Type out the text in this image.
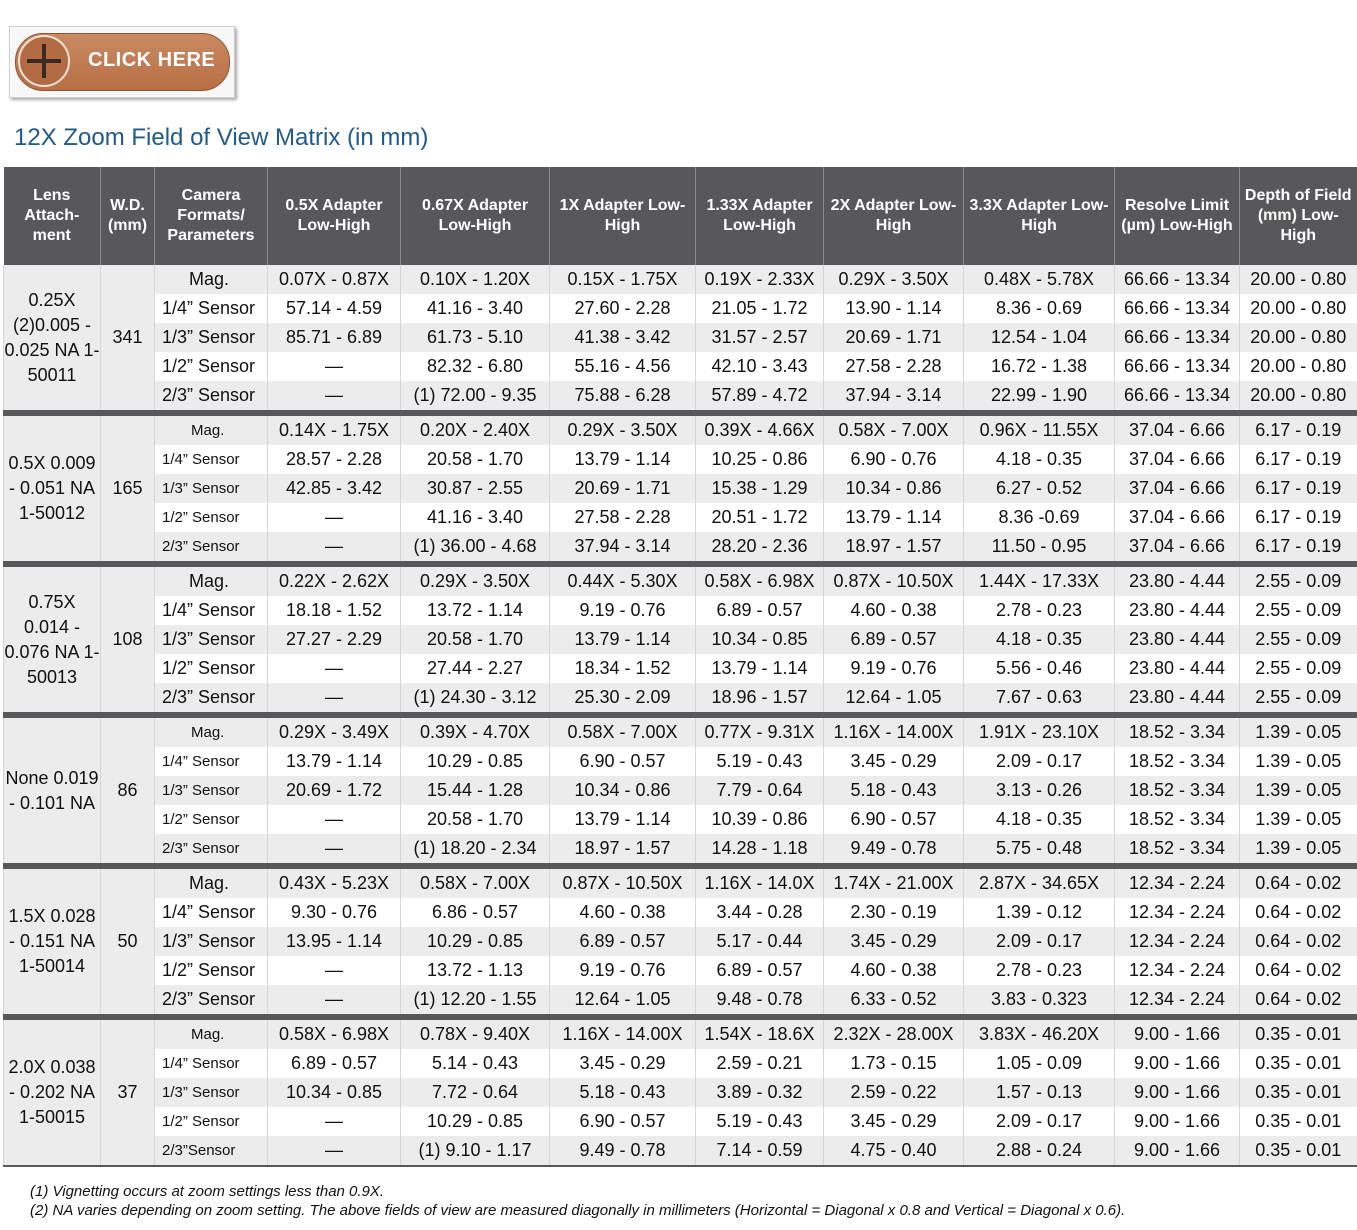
CLICK HERE
12X Zoom Field of View Matrix (in mm)
Lens Attach-ment	W.D. (mm)	Camera Formats/ Parameters	0.5X Adapter Low-High	0.67X Adapter Low-High	1X Adapter Low-High	1.33X Adapter Low-High	2X Adapter Low-High	3.3X Adapter Low-High	Resolve Limit (µm) Low-High	Depth of Field (mm) Low-High
0.25X (2)0.005 - 0.025 NA 1-50011	341	Mag.	0.07X - 0.87X	0.10X - 1.20X	0.15X - 1.75X	0.19X - 2.33X	0.29X - 3.50X	0.48X - 5.78X	66.66 - 13.34	20.00 - 0.80
		1/4” Sensor	57.14 - 4.59	41.16 - 3.40	27.60 - 2.28	21.05 - 1.72	13.90 - 1.14	8.36 - 0.69	66.66 - 13.34	20.00 - 0.80
		1/3” Sensor	85.71 - 6.89	61.73 - 5.10	41.38 - 3.42	31.57 - 2.57	20.69 - 1.71	12.54 - 1.04	66.66 - 13.34	20.00 - 0.80
		1/2” Sensor	—	82.32 - 6.80	55.16 - 4.56	42.10 - 3.43	27.58 - 2.28	16.72 - 1.38	66.66 - 13.34	20.00 - 0.80
		2/3” Sensor	—	(1) 72.00 - 9.35	75.88 - 6.28	57.89 - 4.72	37.94 - 3.14	22.99 - 1.90	66.66 - 13.34	20.00 - 0.80
0.5X 0.009 - 0.051 NA 1-50012	165	Mag.	0.14X - 1.75X	0.20X - 2.40X	0.29X - 3.50X	0.39X - 4.66X	0.58X - 7.00X	0.96X - 11.55X	37.04 - 6.66	6.17 - 0.19
		1/4” Sensor	28.57 - 2.28	20.58 - 1.70	13.79 - 1.14	10.25 - 0.86	6.90 - 0.76	4.18 - 0.35	37.04 - 6.66	6.17 - 0.19
		1/3” Sensor	42.85 - 3.42	30.87 - 2.55	20.69 - 1.71	15.38 - 1.29	10.34 - 0.86	6.27 - 0.52	37.04 - 6.66	6.17 - 0.19
		1/2” Sensor	—	41.16 - 3.40	27.58 - 2.28	20.51 - 1.72	13.79 - 1.14	8.36 -0.69	37.04 - 6.66	6.17 - 0.19
		2/3” Sensor	—	(1) 36.00 - 4.68	37.94 - 3.14	28.20 - 2.36	18.97 - 1.57	11.50 - 0.95	37.04 - 6.66	6.17 - 0.19
0.75X 0.014 - 0.076 NA 1-50013	108	Mag.	0.22X - 2.62X	0.29X - 3.50X	0.44X - 5.30X	0.58X - 6.98X	0.87X - 10.50X	1.44X - 17.33X	23.80 - 4.44	2.55 - 0.09
		1/4” Sensor	18.18 - 1.52	13.72 - 1.14	9.19 - 0.76	6.89 - 0.57	4.60 - 0.38	2.78 - 0.23	23.80 - 4.44	2.55 - 0.09
		1/3” Sensor	27.27 - 2.29	20.58 - 1.70	13.79 - 1.14	10.34 - 0.85	6.89 - 0.57	4.18 - 0.35	23.80 - 4.44	2.55 - 0.09
		1/2” Sensor	—	27.44 - 2.27	18.34 - 1.52	13.79 - 1.14	9.19 - 0.76	5.56 - 0.46	23.80 - 4.44	2.55 - 0.09
		2/3” Sensor	—	(1) 24.30 - 3.12	25.30 - 2.09	18.96 - 1.57	12.64 - 1.05	7.67 - 0.63	23.80 - 4.44	2.55 - 0.09
None 0.019 - 0.101 NA	86	Mag.	0.29X - 3.49X	0.39X - 4.70X	0.58X - 7.00X	0.77X - 9.31X	1.16X - 14.00X	1.91X - 23.10X	18.52 - 3.34	1.39 - 0.05
		1/4” Sensor	13.79 - 1.14	10.29 - 0.85	6.90 - 0.57	5.19 - 0.43	3.45 - 0.29	2.09 - 0.17	18.52 - 3.34	1.39 - 0.05
		1/3” Sensor	20.69 - 1.72	15.44 - 1.28	10.34 - 0.86	7.79 - 0.64	5.18 - 0.43	3.13 - 0.26	18.52 - 3.34	1.39 - 0.05
		1/2” Sensor	—	20.58 - 1.70	13.79 - 1.14	10.39 - 0.86	6.90 - 0.57	4.18 - 0.35	18.52 - 3.34	1.39 - 0.05
		2/3” Sensor	—	(1) 18.20 - 2.34	18.97 - 1.57	14.28 - 1.18	9.49 - 0.78	5.75 - 0.48	18.52 - 3.34	1.39 - 0.05
1.5X 0.028 - 0.151 NA 1-50014	50	Mag.	0.43X - 5.23X	0.58X - 7.00X	0.87X - 10.50X	1.16X - 14.0X	1.74X - 21.00X	2.87X - 34.65X	12.34 - 2.24	0.64 - 0.02
		1/4” Sensor	9.30 - 0.76	6.86 - 0.57	4.60 - 0.38	3.44 - 0.28	2.30 - 0.19	1.39 - 0.12	12.34 - 2.24	0.64 - 0.02
		1/3” Sensor	13.95 - 1.14	10.29 - 0.85	6.89 - 0.57	5.17 - 0.44	3.45 - 0.29	2.09 - 0.17	12.34 - 2.24	0.64 - 0.02
		1/2” Sensor	—	13.72 - 1.13	9.19 - 0.76	6.89 - 0.57	4.60 - 0.38	2.78 - 0.23	12.34 - 2.24	0.64 - 0.02
		2/3” Sensor	—	(1) 12.20 - 1.55	12.64 - 1.05	9.48 - 0.78	6.33 - 0.52	3.83 - 0.323	12.34 - 2.24	0.64 - 0.02
2.0X 0.038 - 0.202 NA 1-50015	37	Mag.	0.58X - 6.98X	0.78X - 9.40X	1.16X - 14.00X	1.54X - 18.6X	2.32X - 28.00X	3.83X - 46.20X	9.00 - 1.66	0.35 - 0.01
		1/4” Sensor	6.89 - 0.57	5.14 - 0.43	3.45 - 0.29	2.59 - 0.21	1.73 - 0.15	1.05 - 0.09	9.00 - 1.66	0.35 - 0.01
		1/3” Sensor	10.34 - 0.85	7.72 - 0.64	5.18 - 0.43	3.89 - 0.32	2.59 - 0.22	1.57 - 0.13	9.00 - 1.66	0.35 - 0.01
		1/2” Sensor	—	10.29 - 0.85	6.90 - 0.57	5.19 - 0.43	3.45 - 0.29	2.09 - 0.17	9.00 - 1.66	0.35 - 0.01
		2/3”Sensor	—	(1) 9.10 - 1.17	9.49 - 0.78	7.14 - 0.59	4.75 - 0.40	2.88 - 0.24	9.00 - 1.66	0.35 - 0.01
(1) Vignetting occurs at zoom settings less than 0.9X.
(2) NA varies depending on zoom setting. The above fields of view are measured diagonally in millimeters (Horizontal = Diagonal x 0.8 and Vertical = Diagonal x 0.6).
